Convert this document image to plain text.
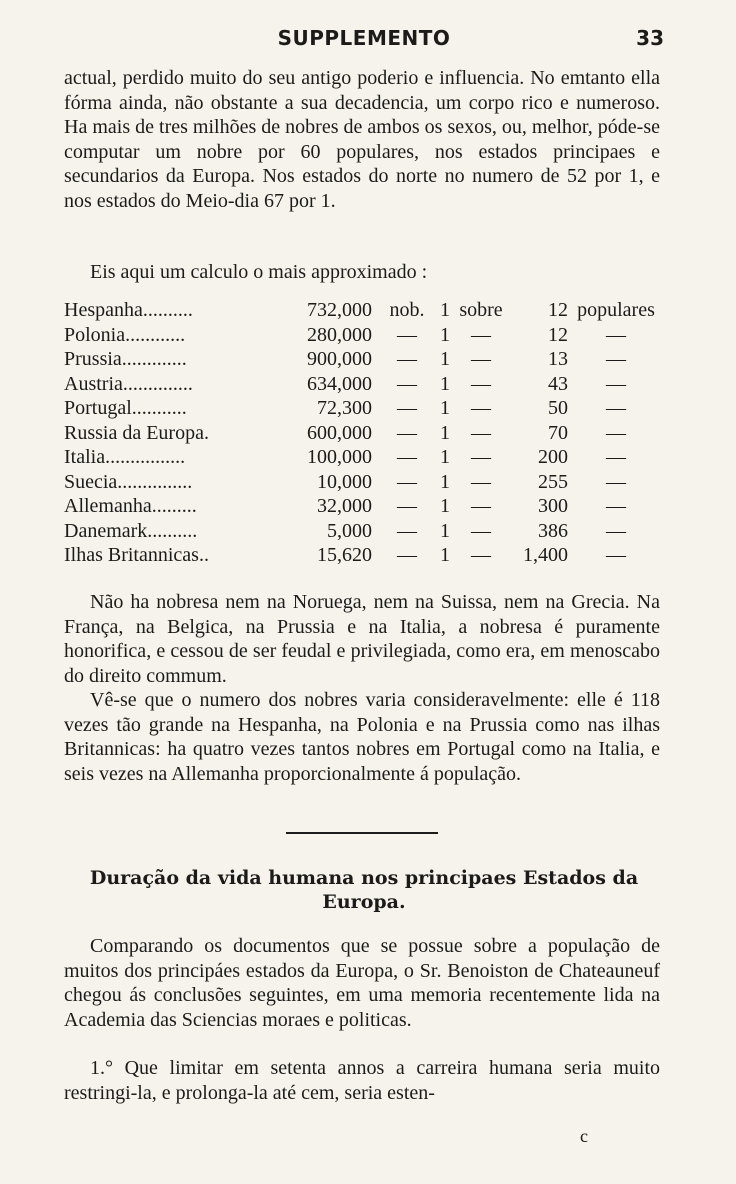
SUPPLEMENTO	33
actual, perdido muito do seu antigo poderio e influencia. No emtanto ella fórma ainda, não obstante a sua decadencia, um corpo rico e numeroso. Ha mais de tres milhões de nobres de ambos os sexos, ou, melhor, póde-se computar um nobre por 60 populares, nos estados principaes e secundarios da Europa. Nos estados do norte no numero de 52 por 1, e nos estados do Meio-dia 67 por 1.
Eis aqui um calculo o mais approximado :
Hespanha..........	732,000	nob.	1	sobre	12	populares
Polonia............	280,000	—	1	—	12	—
Prussia.............	900,000	—	1	—	13	—
Austria..............	634,000	—	1	—	43	—
Portugal...........	72,300	—	1	—	50	—
Russia da Europa.	600,000	—	1	—	70	—
Italia................	100,000	—	1	—	200	—
Suecia...............	10,000	—	1	—	255	—
Allemanha.........	32,000	—	1	—	300	—
Danemark..........	5,000	—	1	—	386	—
Ilhas Britannicas..	15,620	—	1	—	1,400	—
Não ha nobresa nem na Noruega, nem na Suissa, nem na Grecia. Na França, na Belgica, na Prussia e na Italia, a nobresa é puramente honorifica, e cessou de ser feudal e privilegiada, como era, em menoscabo do direito commum.
Vê-se que o numero dos nobres varia consideravelmente: elle é 118 vezes tão grande na Hespanha, na Polonia e na Prussia como nas ilhas Britannicas: ha quatro vezes tantos nobres em Portugal como na Italia, e seis vezes na Allemanha proporcionalmente á população.
Duração da vida humana nos principaes Estados da Europa.
Comparando os documentos que se possue sobre a população de muitos dos principáes estados da Europa, o Sr. Benoiston de Chateauneuf chegou ás conclusões seguintes, em uma memoria recentemente lida na Academia das Sciencias moraes e politicas.
1.° Que limitar em setenta annos a carreira humana seria muito restringi-la, e prolonga-la até cem, seria esten-
c
